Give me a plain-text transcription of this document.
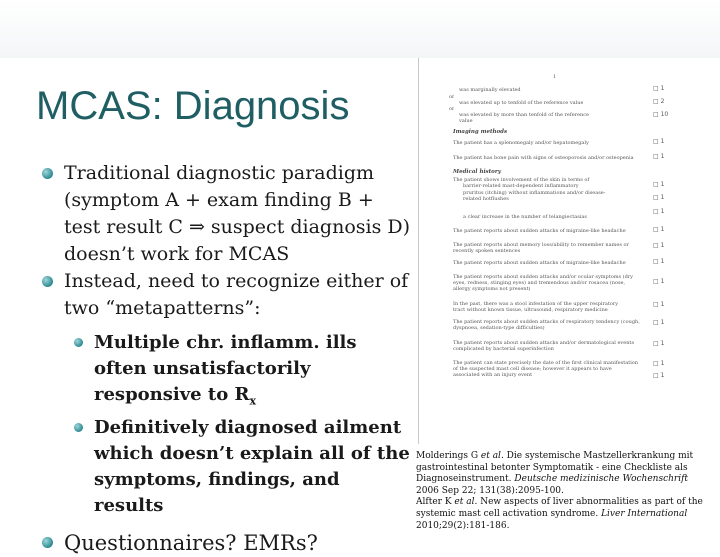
MCAS: Diagnosis
Traditional diagnostic paradigm (symptom A + exam finding B + test result C ⇒ suspect diagnosis D) doesn’t work for MCAS
Instead, need to recognize either of two “metapatterns”:
Multiple chr. inflamm. ills often unsatisfactorily responsive to $R_x$
Definitively diagnosed ailment which doesn’t explain all of the symptoms, findings, and results
Questionnaires? EMRs?
1
was marginally elevated
or
was elevated up to tenfold of the reference value
or
was elevated by more than tenfold of the reference
value
Imaging methods
The patient has a splenomegaly and/or hepatomegaly
The patient has bone pain with signs of osteoporosis and/or osteopenia
Medical history
The patient shows involvement of the skin in terms of
barrier-related mast-dependent inflammatory
pruritus (itching) without inflammations and/or disease-
related hotflushes
a clear increase in the number of telangiectasias
The patient reports about sudden attacks of migraine-like headache
The patient reports about memory loss/ability to remember names or
recently spoken sentences
The patient reports about sudden attacks of migraine-like headache
The patient reports about sudden attacks and/or ocular symptoms (dry
eyes, redness, stinging eyes) and tremendous and/or rosacea (nose,
allergy symptoms not present)
In the past, there was a stool infestation of the upper respiratory
tract without known tissue, ultrasound, respiratory medicine
The patient reports about sudden attacks of respiratory tendency (cough,
dyspnoea, sedation-type difficulties)
The patient reports about sudden attacks and/or dermatological events
complicated by bacterial superinfection
The patient can state precisely the date of the first clinical manifestation
of the suspected mast cell disease; however it appears to have
associated with an injury event
□ 1
□ 2
□ 10
□ 1
□ 1
□ 1
□ 1
□ 1
□ 1
□ 1
□ 1
□ 1
□ 1
□ 1
□ 1
□ 1
□ 1

Molderings G et al. Die systemische Mastzellerkrankung mit gastrointestinal betonter Symptomatik - eine Checkliste als Diagnoseinstrument. Deutsche medizinische Wochenschrift 2006 Sep 22; 131(38):2095-100.

Alfter K et al. New aspects of liver abnormalities as part of the systemic mast cell activation syndrome. Liver International 2010;29(2):181-186.
